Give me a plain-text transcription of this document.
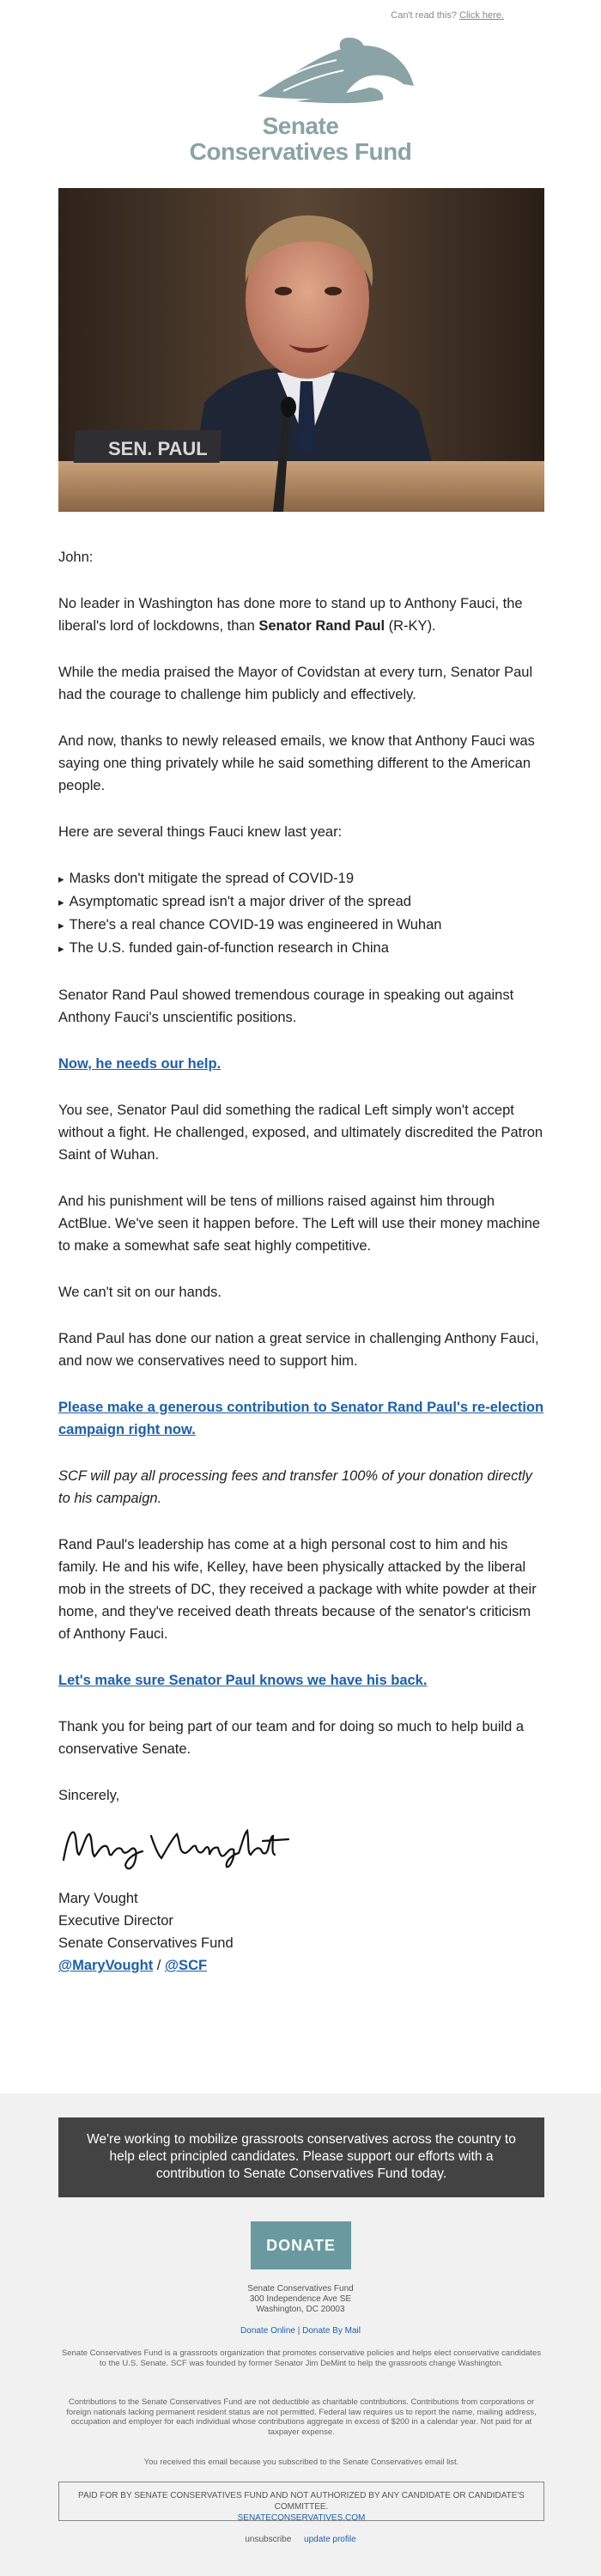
Can't read this? Click here.
Senate
Conservatives Fund
SEN. PAUL

John:

No leader in Washington has done more to stand up to Anthony Fauci, the liberal's lord of lockdowns, than Senator Rand Paul (R-KY).

While the media praised the Mayor of Covidstan at every turn, Senator Paul had the courage to challenge him publicly and effectively.

And now, thanks to newly released emails, we know that Anthony Fauci was saying one thing privately while he said something different to the American people.

Here are several things Fauci knew last year:

▸ Masks don't mitigate the spread of COVID-19
▸ Asymptomatic spread isn't a major driver of the spread
▸ There's a real chance COVID-19 was engineered in Wuhan
▸ The U.S. funded gain-of-function research in China

Senator Rand Paul showed tremendous courage in speaking out against Anthony Fauci's unscientific positions.

Now, he needs our help.

You see, Senator Paul did something the radical Left simply won't accept without a fight. He challenged, exposed, and ultimately discredited the Patron Saint of Wuhan.

And his punishment will be tens of millions raised against him through ActBlue. We've seen it happen before. The Left will use their money machine to make a somewhat safe seat highly competitive.

We can't sit on our hands.

Rand Paul has done our nation a great service in challenging Anthony Fauci, and now we conservatives need to support him.

Please make a generous contribution to Senator Rand Paul's re-election campaign right now.

SCF will pay all processing fees and transfer 100% of your donation directly to his campaign.

Rand Paul's leadership has come at a high personal cost to him and his family. He and his wife, Kelley, have been physically attacked by the liberal mob in the streets of DC, they received a package with white powder at their home, and they've received death threats because of the senator's criticism of Anthony Fauci.

Let's make sure Senator Paul knows we have his back.

Thank you for being part of our team and for doing so much to help build a conservative Senate.

Sincerely,

Mary Vought
Executive Director
Senate Conservatives Fund
@MaryVought / @SCF
We're working to mobilize grassroots conservatives across the country to help elect principled candidates. Please support our efforts with a contribution to Senate Conservatives Fund today.
DONATE
Senate Conservatives Fund
300 Independence Ave SE
Washington, DC 20003
Donate Online | Donate By Mail
Senate Conservatives Fund is a grassroots organization that promotes conservative policies and helps elect conservative candidates to the U.S. Senate. SCF was founded by former Senator Jim DeMint to help the grassroots change Washington.
Contributions to the Senate Conservatives Fund are not deductible as charitable contributions. Contributions from corporations or foreign nationals lacking permanent resident status are not permitted. Federal law requires us to report the name, mailing address, occupation and employer for each individual whose contributions aggregate in excess of $200 in a calendar year. Not paid for at taxpayer expense.
You received this email because you subscribed to the Senate Conservatives email list.
PAID FOR BY SENATE CONSERVATIVES FUND AND NOT AUTHORIZED BY ANY CANDIDATE OR CANDIDATE'S COMMITTEE.
SENATECONSERVATIVES.COM
unsubscribe update profile
